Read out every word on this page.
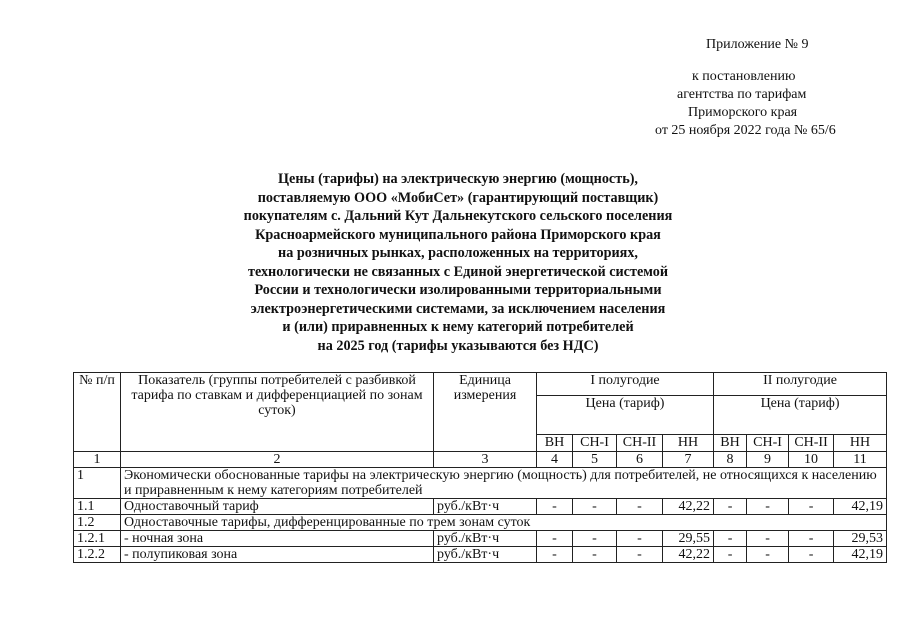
Приложение № 9
к постановлению
агентства по тарифам
Приморского края
от 25 ноября 2022 года № 65/6
Цены (тарифы) на электрическую энергию (мощность),
поставляемую ООО «МобиСет» (гарантирующий поставщик)
покупателям с. Дальний Кут Дальнекутского сельского поселения
Красноармейского муниципального района Приморского края
на розничных рынках, расположенных на территориях,
технологически не связанных с Единой энергетической системой
России и технологически изолированными территориальными
электроэнергетическими системами, за исключением населения
и (или) приравненных к нему категорий потребителей
на 2025 год (тарифы указываются без НДС)
№ п/п	Показатель (группы потребителей с разбивкой тарифа по ставкам и дифференциацией по зонам суток)	Единица измерения	I полугодие				II полугодие			
			Цена (тариф)				Цена (тариф)			
			ВН	СН-I	СН-II	НН	ВН	СН-I	СН-II	НН
1	2	3	4	5	6	7	8	9	10	11
1	Экономически обоснованные тарифы на электрическую энергию (мощность) для потребителей, не относящихся к населению и приравненным к нему категориям потребителей									
1.1	Одноставочный тариф	руб./кВт·ч	-	-	-	42,22	-	-	-	42,19
1.2	Одноставочные тарифы, дифференцированные по трем зонам суток									
1.2.1	- ночная зона	руб./кВт·ч	-	-	-	29,55	-	-	-	29,53
1.2.2	- полупиковая зона	руб./кВт·ч	-	-	-	42,22	-	-	-	42,19
